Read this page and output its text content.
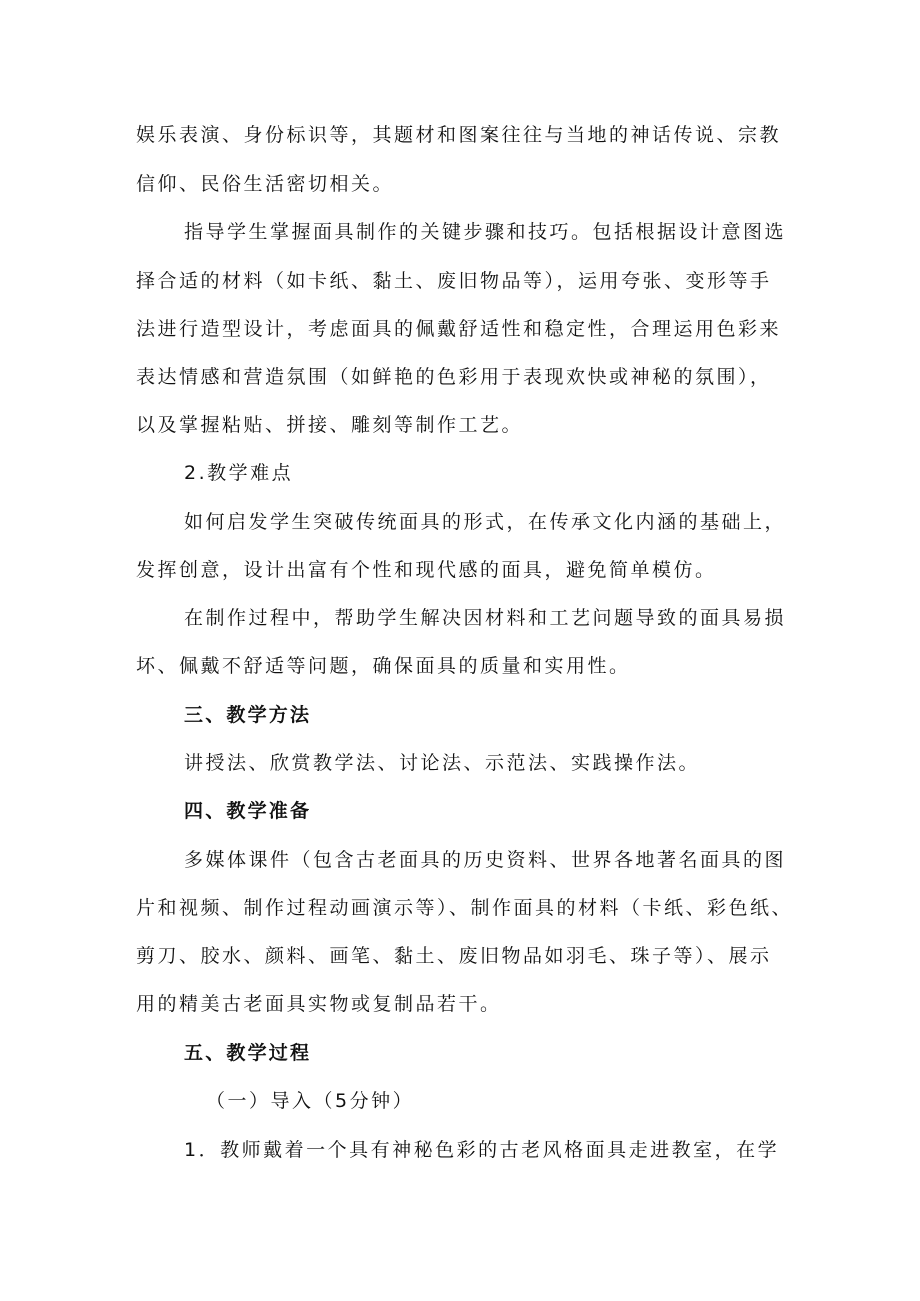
娱乐表演、身份标识等，其题材和图案往往与当地的神话传说、宗教
信仰、民俗生活密切相关。
指导学生掌握面具制作的关键步骤和技巧。包括根据设计意图选
择合适的材料（如卡纸、黏土、废旧物品等），运用夸张、变形等手
法进行造型设计，考虑面具的佩戴舒适性和稳定性，合理运用色彩来
表达情感和营造氛围（如鲜艳的色彩用于表现欢快或神秘的氛围），
以及掌握粘贴、拼接、雕刻等制作工艺。
2.教学难点
如何启发学生突破传统面具的形式，在传承文化内涵的基础上，
发挥创意，设计出富有个性和现代感的面具，避免简单模仿。
在制作过程中，帮助学生解决因材料和工艺问题导致的面具易损
坏、佩戴不舒适等问题，确保面具的质量和实用性。
三、教学方法
讲授法、欣赏教学法、讨论法、示范法、实践操作法。
四、教学准备
多媒体课件（包含古老面具的历史资料、世界各地著名面具的图
片和视频、制作过程动画演示等）、制作面具的材料（卡纸、彩色纸、
剪刀、胶水、颜料、画笔、黏土、废旧物品如羽毛、珠子等）、展示
用的精美古老面具实物或复制品若干。
五、教学过程
（一）导入（5分钟）
1．教师戴着一个具有神秘色彩的古老风格面具走进教室，在学
